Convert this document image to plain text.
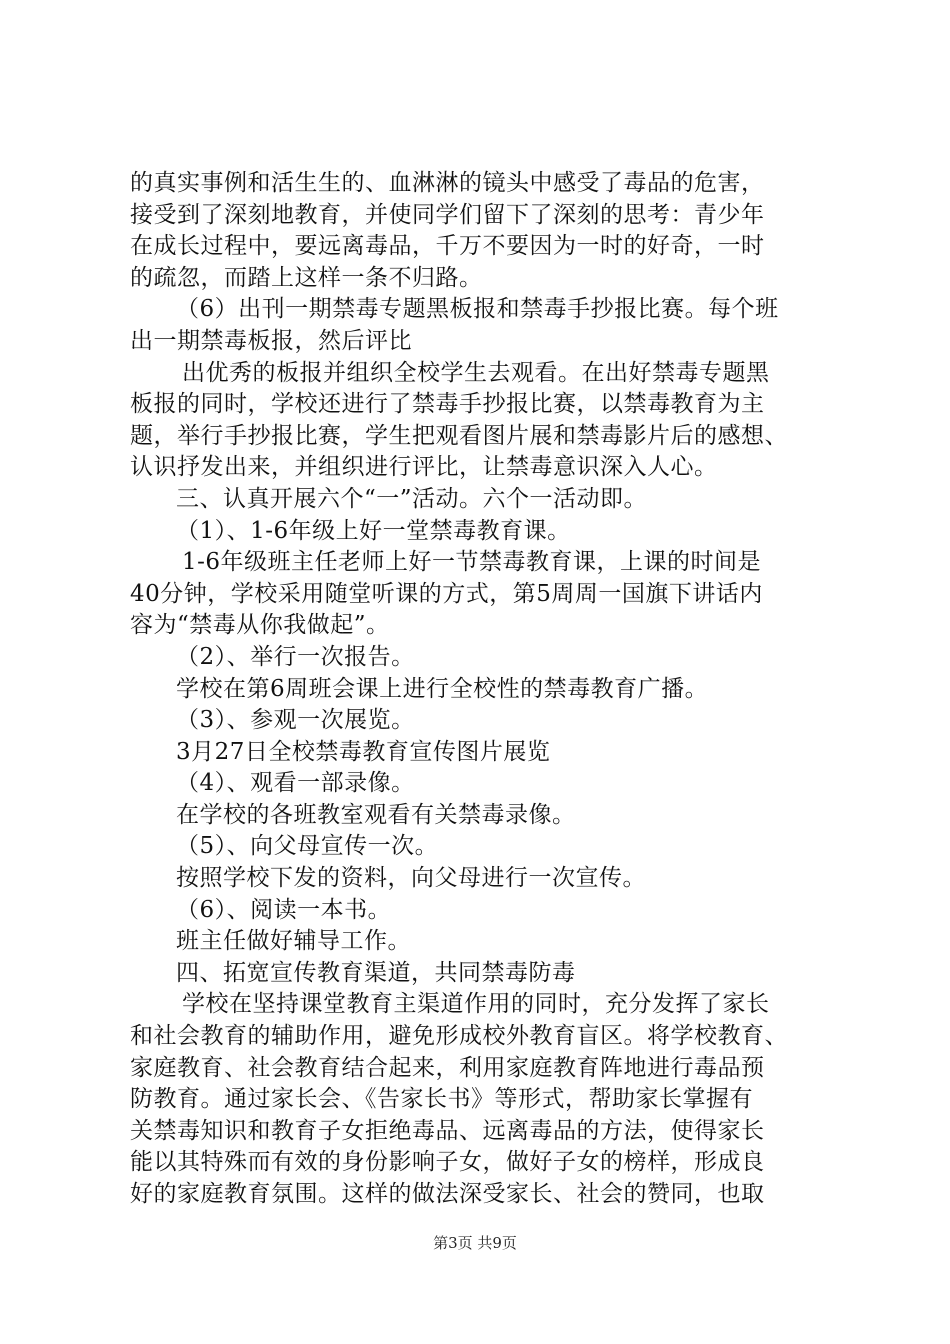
的真实事例和活生生的、血淋淋的镜头中感受了毒品的危害，
接受到了深刻地教育，并使同学们留下了深刻的思考：青少年
在成长过程中，要远离毒品，千万不要因为一时的好奇，一时
的疏忽，而踏上这样一条不归路。
（6）出刊一期禁毒专题黑板报和禁毒手抄报比赛。每个班
出一期禁毒板报，然后评比
出优秀的板报并组织全校学生去观看。在出好禁毒专题黑
板报的同时，学校还进行了禁毒手抄报比赛，以禁毒教育为主
题，举行手抄报比赛，学生把观看图片展和禁毒影片后的感想、
认识抒发出来，并组织进行评比，让禁毒意识深入人心。
三、认真开展六个“一”活动。六个一活动即。
（1）、1-6年级上好一堂禁毒教育课。
1-6年级班主任老师上好一节禁毒教育课，上课的时间是
40分钟，学校采用随堂听课的方式，第5周周一国旗下讲话内
容为“禁毒从你我做起”。
（2）、举行一次报告。
学校在第6周班会课上进行全校性的禁毒教育广播。
（3）、参观一次展览。
3月27日全校禁毒教育宣传图片展览
（4）、观看一部录像。
在学校的各班教室观看有关禁毒录像。
（5）、向父母宣传一次。
按照学校下发的资料，向父母进行一次宣传。
（6）、阅读一本书。
班主任做好辅导工作。
四、拓宽宣传教育渠道，共同禁毒防毒
学校在坚持课堂教育主渠道作用的同时，充分发挥了家长
和社会教育的辅助作用，避免形成校外教育盲区。将学校教育、
家庭教育、社会教育结合起来，利用家庭教育阵地进行毒品预
防教育。通过家长会、《告家长书》等形式，帮助家长掌握有
关禁毒知识和教育子女拒绝毒品、远离毒品的方法，使得家长
能以其特殊而有效的身份影响子女，做好子女的榜样，形成良
好的家庭教育氛围。这样的做法深受家长、社会的赞同，也取
第3页 共9页
